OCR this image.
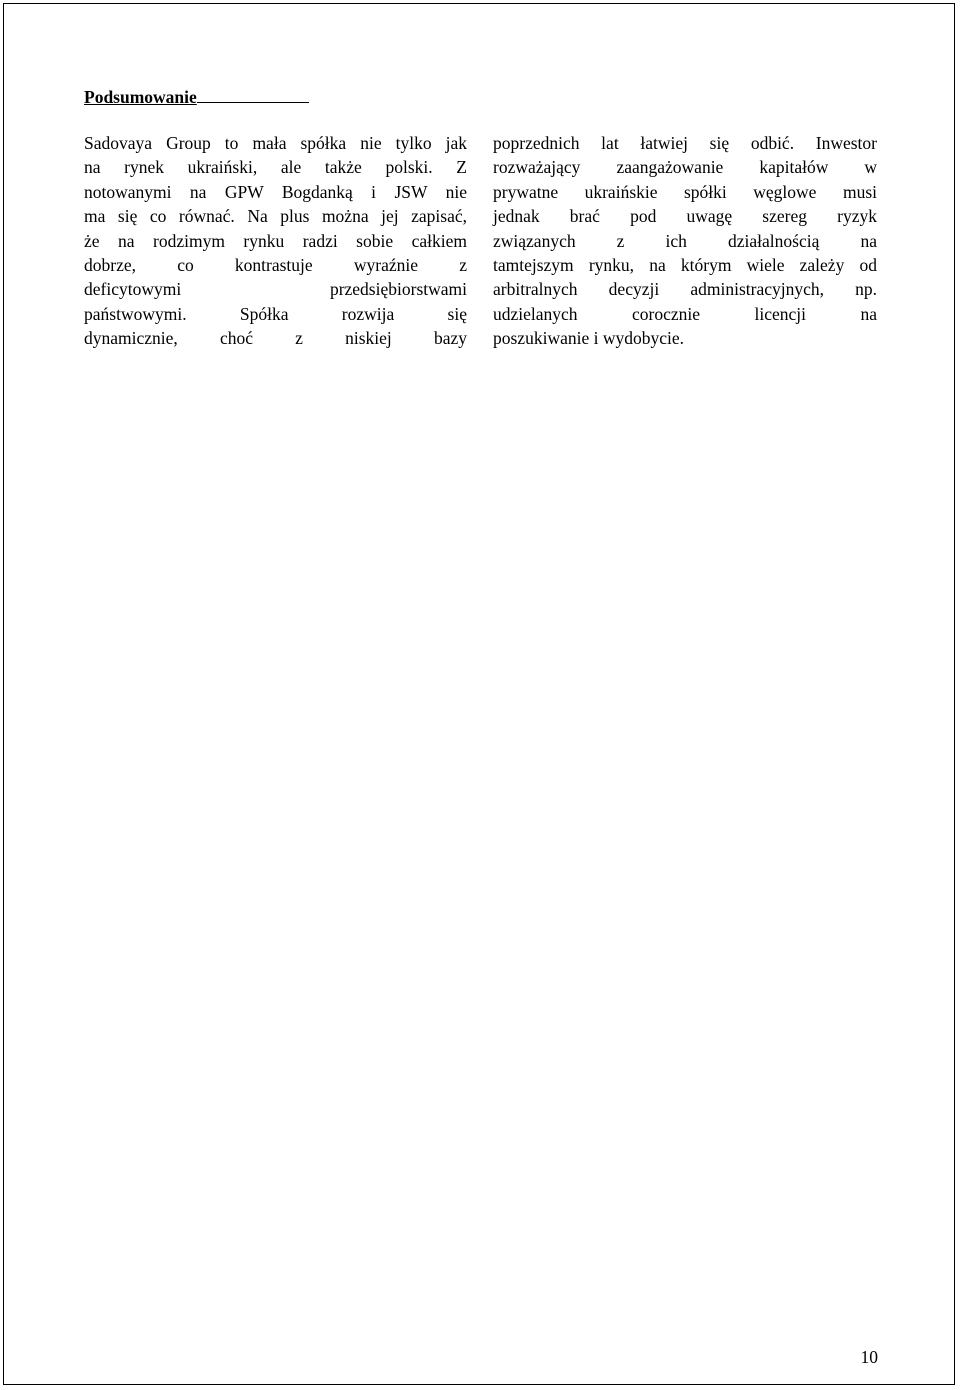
Podsumowanie
Sadovaya Group to mała spółka nie tylko jak
na rynek ukraiński, ale także polski. Z
notowanymi na GPW Bogdanką i JSW nie
ma się co równać. Na plus można jej zapisać,
że na rodzimym rynku radzi sobie całkiem
dobrze, co kontrastuje wyraźnie z
deficytowymi przedsiębiorstwami
państwowymi. Spółka rozwija się
dynamicznie, choć z niskiej bazy
poprzednich lat łatwiej się odbić. Inwestor
rozważający zaangażowanie kapitałów w
prywatne ukraińskie spółki węglowe musi
jednak brać pod uwagę szereg ryzyk
związanych z ich działalnością na
tamtejszym rynku, na którym wiele zależy od
arbitralnych decyzji administracyjnych, np.
udzielanych corocznie licencji na
poszukiwanie i wydobycie.
10
